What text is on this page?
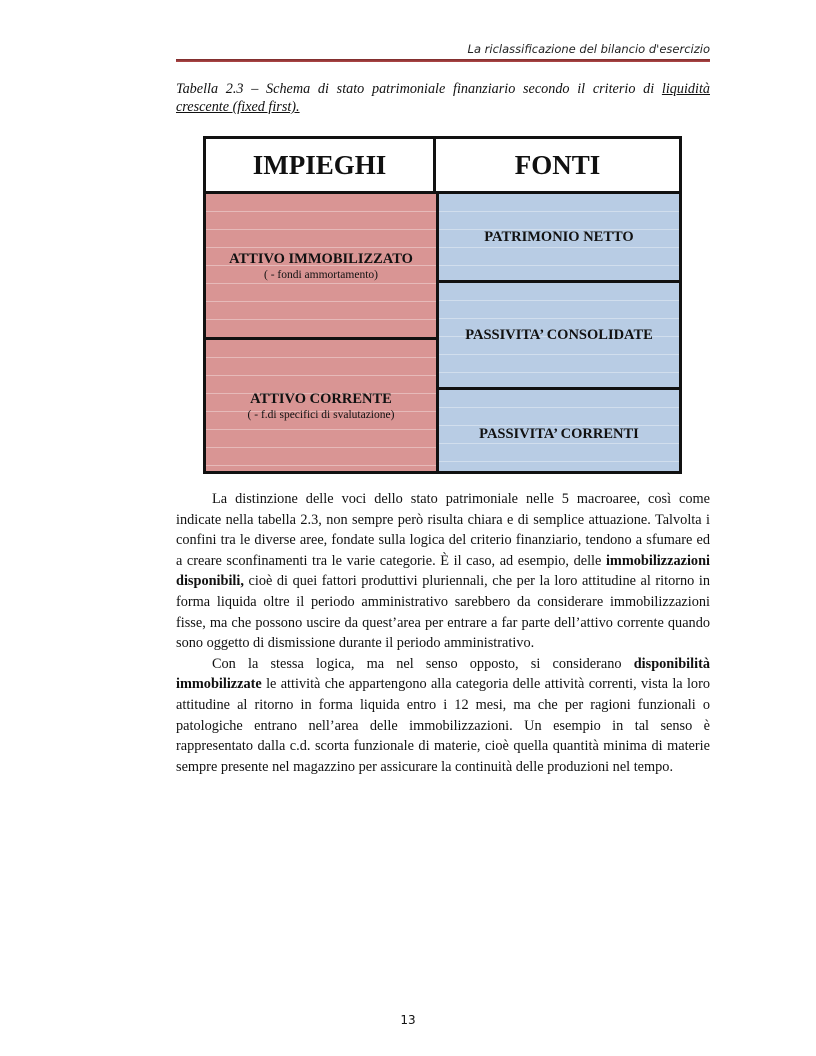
La riclassificazione del bilancio d'esercizio
Tabella 2.3 – Schema di stato patrimoniale finanziario secondo il criterio di liquidità crescente (fixed first).
IMPIEGHI	FONTI
ATTIVO IMMOBILIZZATO
( - fondi ammortamento)
ATTIVO CORRENTE
( - f.di specifici di svalutazione)
PATRIMONIO NETTO
PASSIVITA’ CONSOLIDATE
PASSIVITA’ CORRENTI

La distinzione delle voci dello stato patrimoniale nelle 5 macroaree, così come indicate nella tabella 2.3, non sempre però risulta chiara e di semplice attuazione. Talvolta i confini tra le diverse aree, fondate sulla logica del criterio finanziario, tendono a sfumare ed a creare sconfinamenti tra le varie categorie. È il caso, ad esempio, delle immobilizzazioni disponibili, cioè di quei fattori produttivi pluriennali, che per la loro attitudine al ritorno in forma liquida oltre il periodo amministrativo sarebbero da considerare immobilizzazioni fisse, ma che possono uscire da quest’area per entrare a far parte dell’attivo corrente quando sono oggetto di dismissione durante il periodo amministrativo.

Con la stessa logica, ma nel senso opposto, si considerano disponibilità immobilizzate le attività che appartengono alla categoria delle attività correnti, vista la loro attitudine al ritorno in forma liquida entro i 12 mesi, ma che per ragioni funzionali o patologiche entrano nell’area delle immobilizzazioni. Un esempio in tal senso è rappresentato dalla c.d. scorta funzionale di materie, cioè quella quantità minima di materie sempre presente nel magazzino per assicurare la continuità delle produzioni nel tempo.

13
